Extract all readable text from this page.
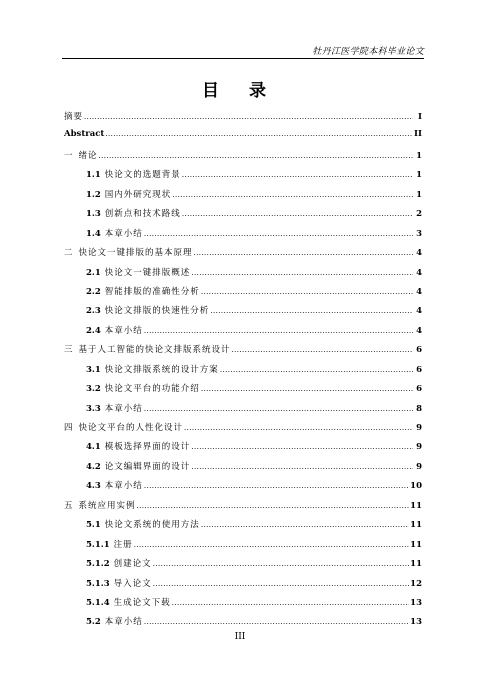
牡丹江医学院本科毕业论文
目 录
摘要 .....	I
Abstract .....	II
一 绪论 .....	1
1.1 快论文的选题背景 .....	1
1.2 国内外研究现状 .....	1
1.3 创新点和技术路线 .....	2
1.4 本章小结 .....	3
二 快论文一键排版的基本原理 .....	4
2.1 快论文一键排版概述 .....	4
2.2 智能排版的准确性分析 .....	4
2.3 快论文排版的快速性分析 .....	4
2.4 本章小结 .....	4
三 基于人工智能的快论文排版系统设计 .....	6
3.1 快论文排版系统的设计方案 .....	6
3.2 快论文平台的功能介绍 .....	6
3.3 本章小结 .....	8
四 快论文平台的人性化设计 .....	9
4.1 模板选择界面的设计 .....	9
4.2 论文编辑界面的设计 .....	9
4.3 本章小结 .....	10
五 系统应用实例 .....	11
5.1 快论文系统的使用方法 .....	11
5.1.1 注册 .....	11
5.1.2 创建论文 .....	11
5.1.3 导入论文 .....	12
5.1.4 生成论文下载 .....	13
5.2 本章小结 .....	13
III
